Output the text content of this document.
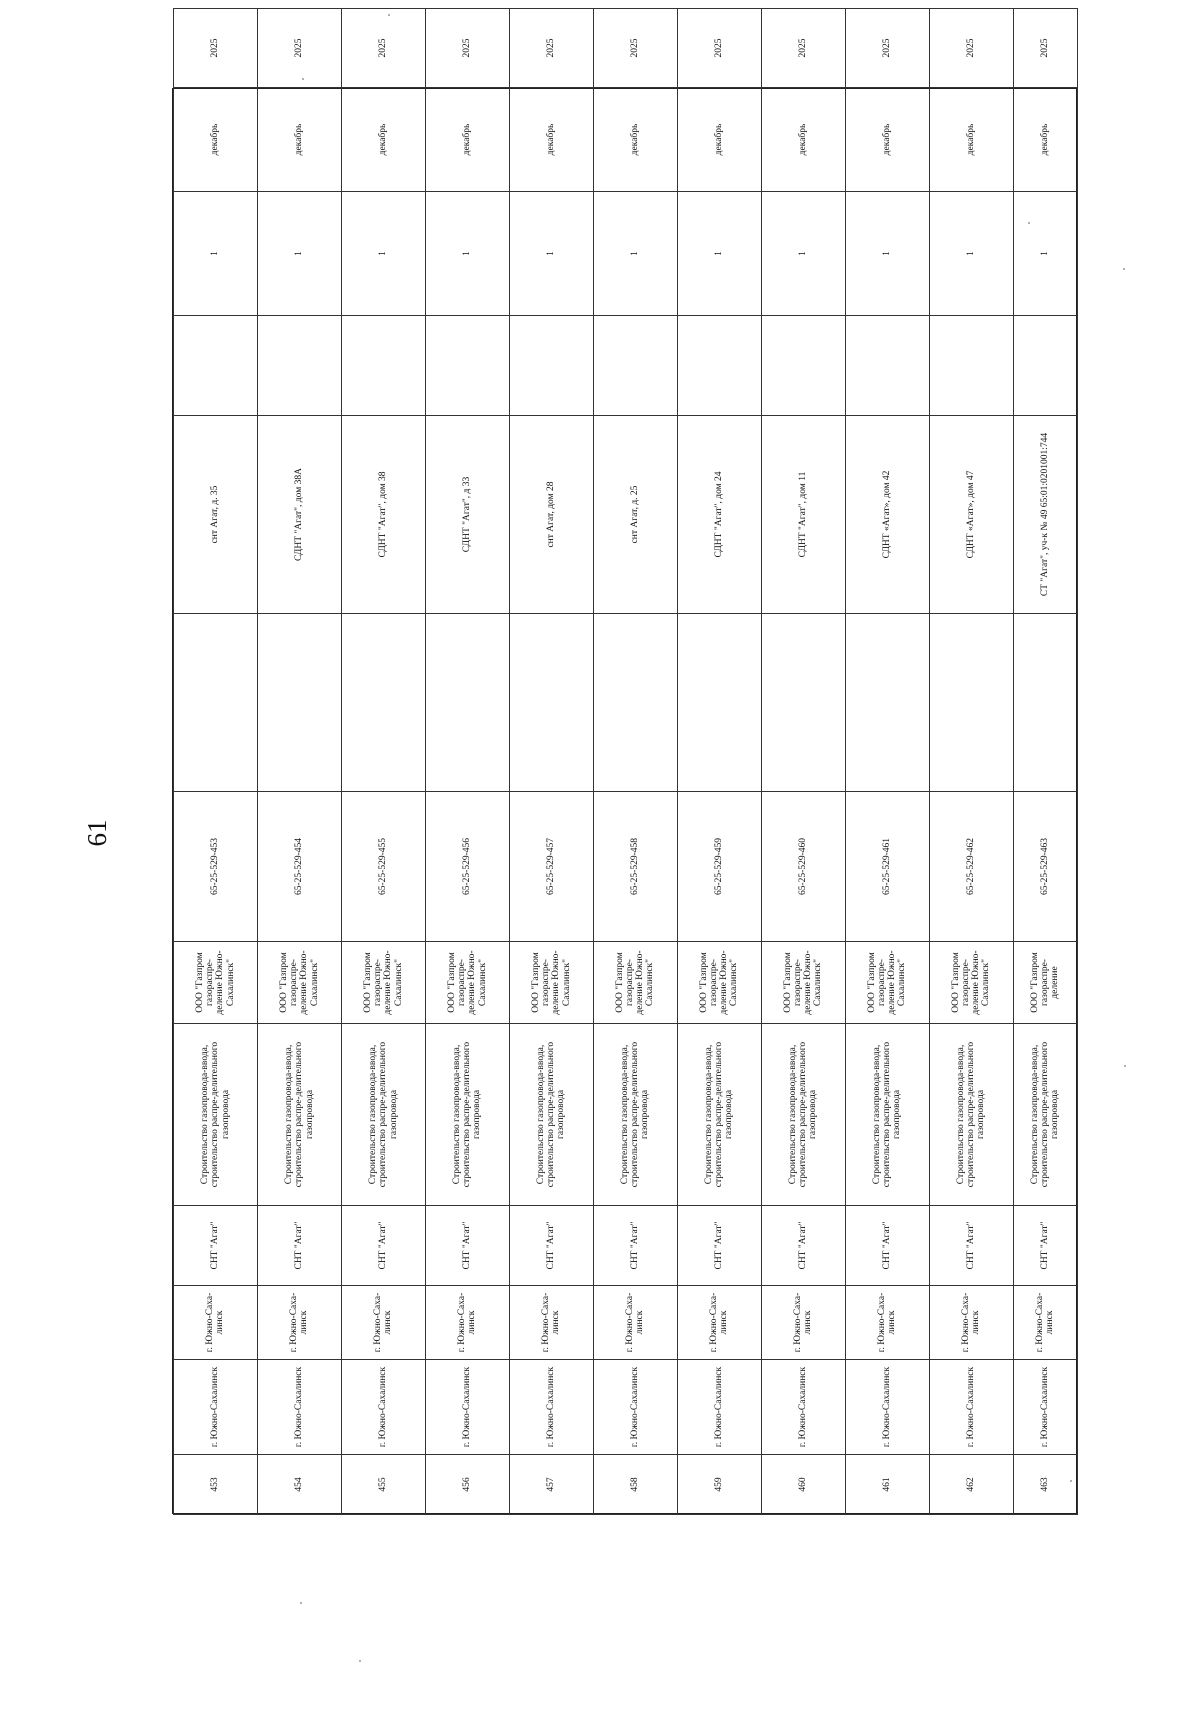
61
453	г. Южно-Сахалинск	г. Южно-Саха-линск	СНТ "Агат"	Строительство газопровода-ввода, строительство распре-делительного газопровода	ООО "Газпром газораспре-деление Южно-Сахалинск"	65-25-529-453		снт Агат, д. 35		1	декабрь	2025
454	г. Южно-Сахалинск	г. Южно-Саха-линск	СНТ "Агат"	Строительство газопровода-ввода, строительство распре-делительного газопровода	ООО "Газпром газораспре-деление Южно-Сахалинск"	65-25-529-454		СДНТ "Агат", дом 38А		1	декабрь	2025
455	г. Южно-Сахалинск	г. Южно-Саха-линск	СНТ "Агат"	Строительство газопровода-ввода, строительство распре-делительного газопровода	ООО "Газпром газораспре-деление Южно-Сахалинск"	65-25-529-455		СДНТ "Агат", дом 38		1	декабрь	2025
456	г. Южно-Сахалинск	г. Южно-Саха-линск	СНТ "Агат"	Строительство газопровода-ввода, строительство распре-делительного газопровода	ООО "Газпром газораспре-деление Южно-Сахалинск"	65-25-529-456		СДНТ "Агат", д 33		1	декабрь	2025
457	г. Южно-Сахалинск	г. Южно-Саха-линск	СНТ "Агат"	Строительство газопровода-ввода, строительство распре-делительного газопровода	ООО "Газпром газораспре-деление Южно-Сахалинск"	65-25-529-457		снт Агат, дом 28		1	декабрь	2025
458	г. Южно-Сахалинск	г. Южно-Саха-линск	СНТ "Агат"	Строительство газопровода-ввода, строительство распре-делительного газопровода	ООО "Газпром газораспре-деление Южно-Сахалинск"	65-25-529-458		снт Агат, д. 25		1	декабрь	2025
459	г. Южно-Сахалинск	г. Южно-Саха-линск	СНТ "Агат"	Строительство газопровода-ввода, строительство распре-делительного газопровода	ООО "Газпром газораспре-деление Южно-Сахалинск"	65-25-529-459		СДНТ "Агат", дом 24		1	декабрь	2025
460	г. Южно-Сахалинск	г. Южно-Саха-линск	СНТ "Агат"	Строительство газопровода-ввода, строительство распре-делительного газопровода	ООО "Газпром газораспре-деление Южно-Сахалинск"	65-25-529-460		СДНТ "Агат", дом 11		1	декабрь	2025
461	г. Южно-Сахалинск	г. Южно-Саха-линск	СНТ "Агат"	Строительство газопровода-ввода, строительство распре-делительного газопровода	ООО "Газпром газораспре-деление Южно-Сахалинск"	65-25-529-461		СДНТ «Агат», дом 42		1	декабрь	2025
462	г. Южно-Сахалинск	г. Южно-Саха-линск	СНТ "Агат"	Строительство газопровода-ввода, строительство распре-делительного газопровода	ООО "Газпром газораспре-деление Южно-Сахалинск"	65-25-529-462		СДНТ «Агат», дом 47		1	декабрь	2025
463	г. Южно-Сахалинск	г. Южно-Саха-линск	СНТ "Агат"	Строительство газопровода-ввода, строительство распре-делительного газопровода	ООО "Газпром газораспре-деление	65-25-529-463		СТ "Агат", уч-к № 49 65:01:0201001:744		1	декабрь	2025
